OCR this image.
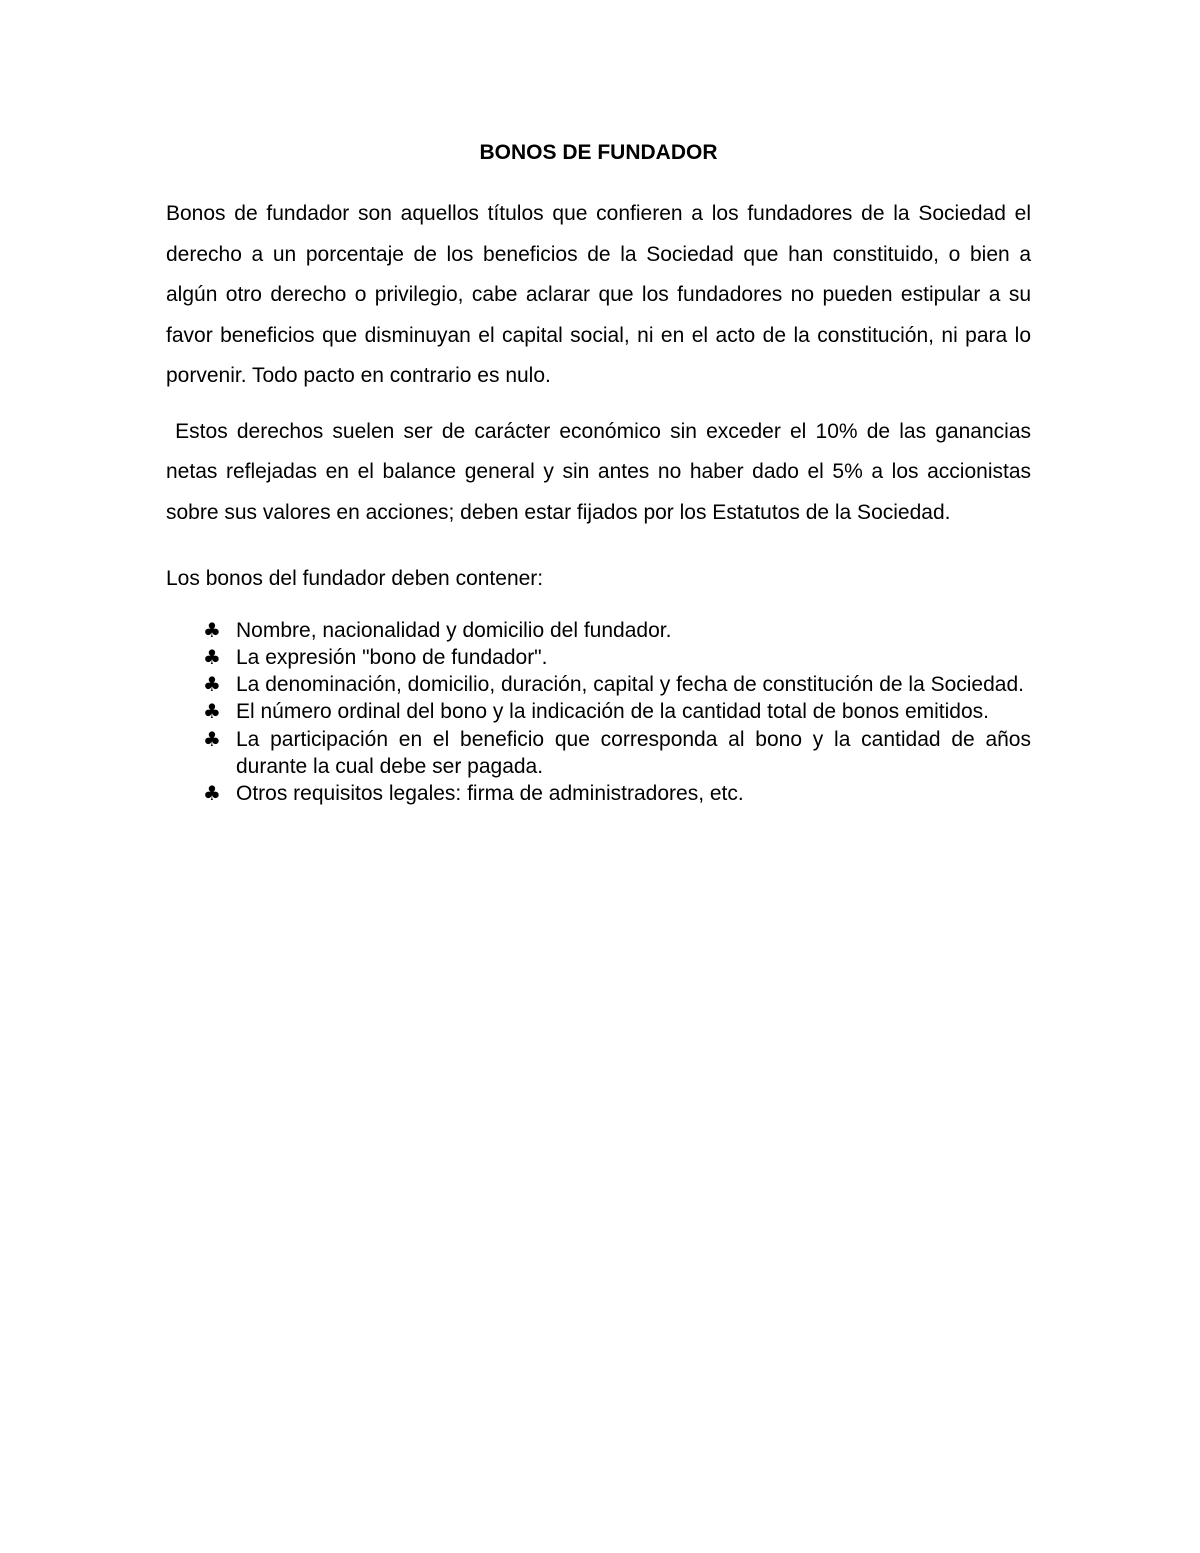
BONOS DE FUNDADOR

Bonos de fundador son aquellos títulos que confieren a los fundadores de la Sociedad el derecho a un porcentaje de los beneficios de la Sociedad que han constituido, o bien a algún otro derecho o privilegio, cabe aclarar que los fundadores no pueden estipular a su favor beneficios que disminuyan el capital social, ni en el acto de la constitución, ni para lo porvenir. Todo pacto en contrario es nulo.

Estos derechos suelen ser de carácter económico sin exceder el 10% de las ganancias netas reflejadas en el balance general y sin antes no haber dado el 5% a los accionistas sobre sus valores en acciones; deben estar fijados por los Estatutos de la Sociedad.

Los bonos del fundador deben contener:

♣ Nombre, nacionalidad y domicilio del fundador.
♣ La expresión "bono de fundador".
♣ La denominación, domicilio, duración, capital y fecha de constitución de la Sociedad.
♣ El número ordinal del bono y la indicación de la cantidad total de bonos emitidos.
♣ La participación en el beneficio que corresponda al bono y la cantidad de años durante la cual debe ser pagada.
♣ Otros requisitos legales: firma de administradores, etc.
